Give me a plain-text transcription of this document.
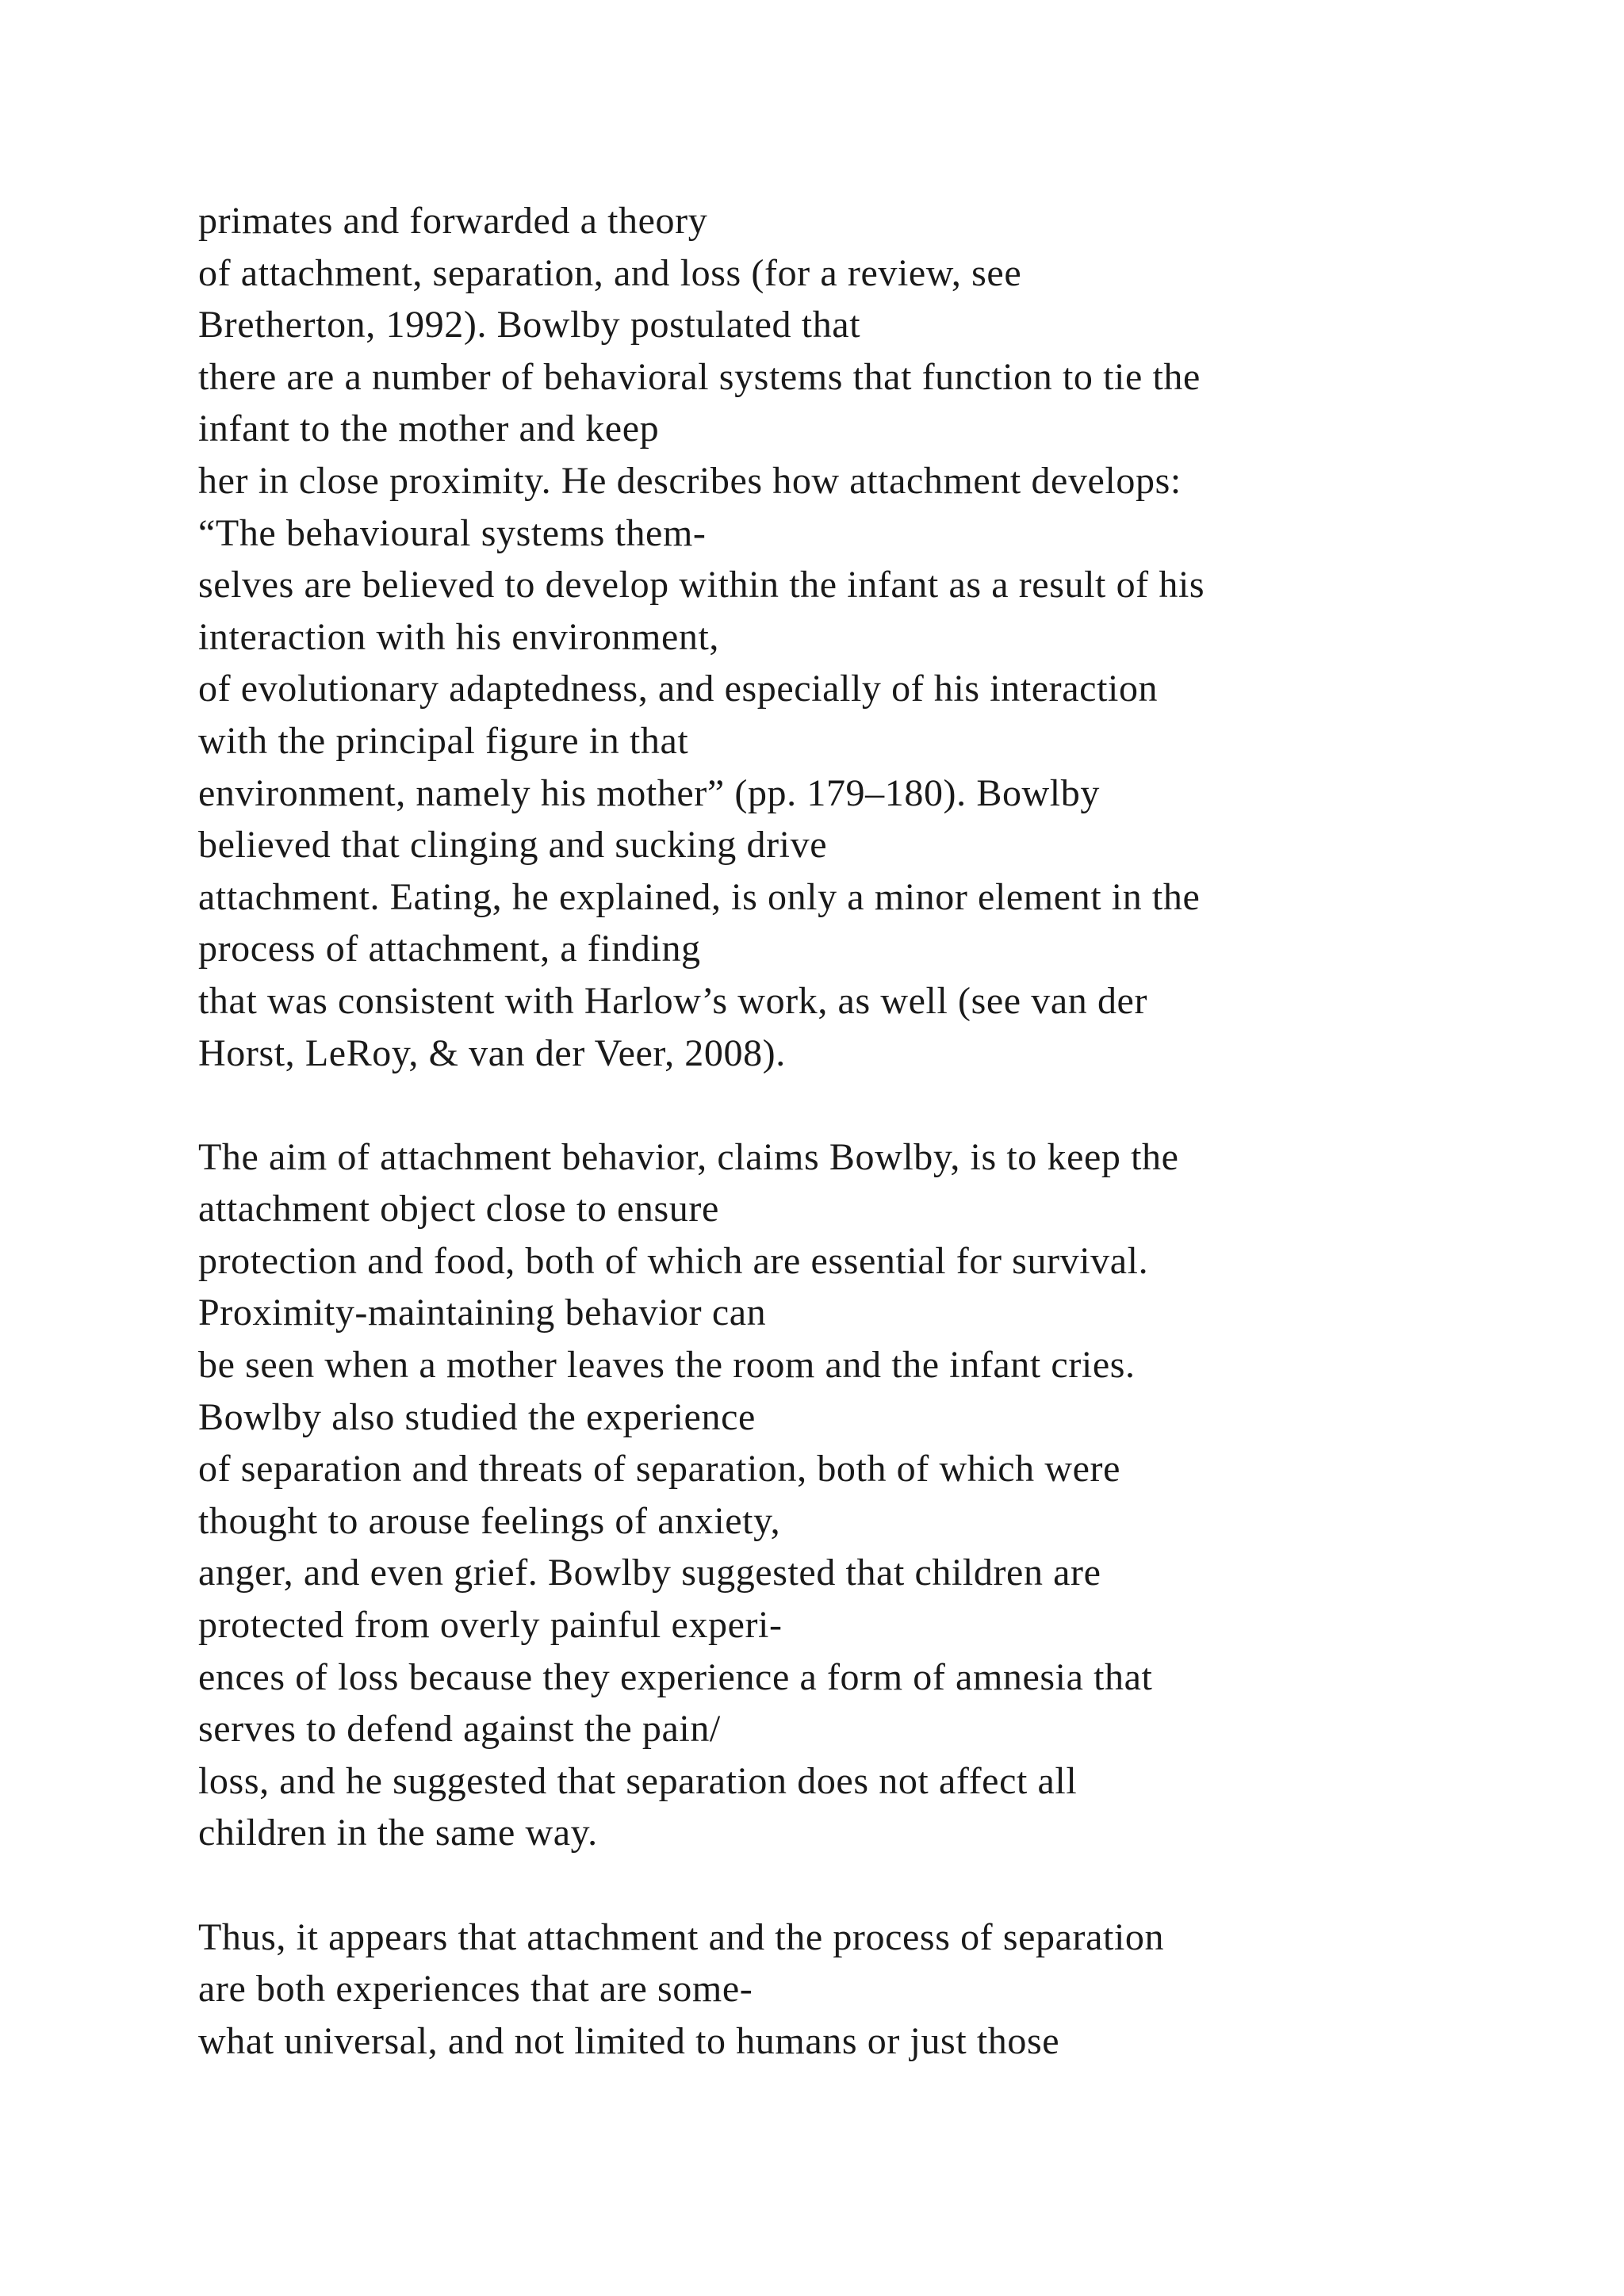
primates and forwarded a theory
of attachment, separation, and loss (for a review, see
Bretherton, 1992). Bowlby postulated that
there are a number of behavioral systems that function to tie the
infant to the mother and keep
her in close proximity. He describes how attachment develops:
“The behavioural systems them-
selves are believed to develop within the infant as a result of his
interaction with his environment,
of evolutionary adaptedness, and especially of his interaction
with the principal figure in that
environment, namely his mother” (pp. 179–180). Bowlby
believed that clinging and sucking drive
attachment. Eating, he explained, is only a minor element in the
process of attachment, a finding
that was consistent with Harlow’s work, as well (see van der
Horst, LeRoy, & van der Veer, 2008).
The aim of attachment behavior, claims Bowlby, is to keep the
attachment object close to ensure
protection and food, both of which are essential for survival.
Proximity-maintaining behavior can
be seen when a mother leaves the room and the infant cries.
Bowlby also studied the experience
of separation and threats of separation, both of which were
thought to arouse feelings of anxiety,
anger, and even grief. Bowlby suggested that children are
protected from overly painful experi-
ences of loss because they experience a form of amnesia that
serves to defend against the pain/
loss, and he suggested that separation does not affect all
children in the same way.
Thus, it appears that attachment and the process of separation
are both experiences that are some-
what universal, and not limited to humans or just those
